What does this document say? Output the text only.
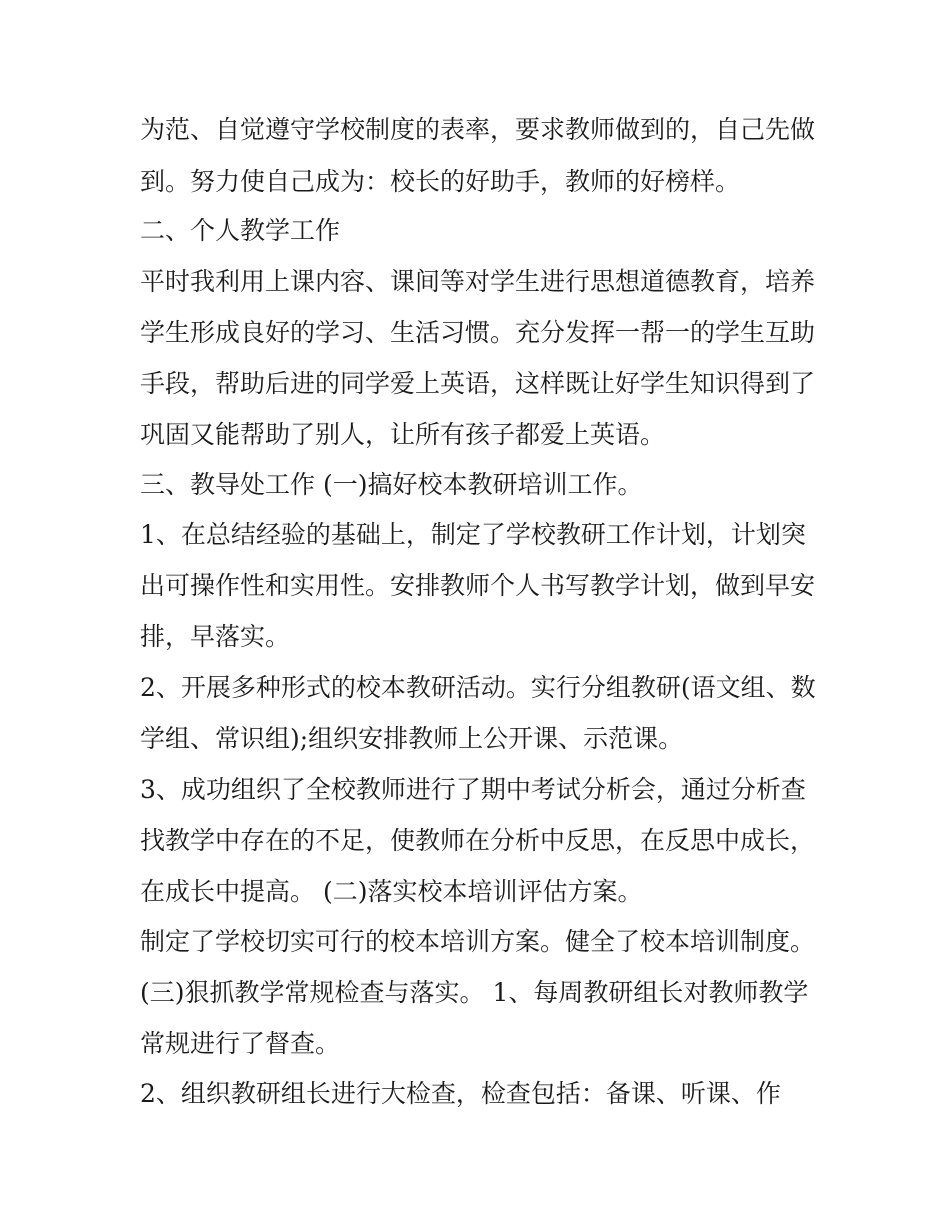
为范、自觉遵守学校制度的表率，要求教师做到的，自己先做
到。努力使自己成为：校长的好助手，教师的好榜样。
二、个人教学工作
平时我利用上课内容、课间等对学生进行思想道德教育，培养
学生形成良好的学习、生活习惯。充分发挥一帮一的学生互助
手段，帮助后进的同学爱上英语，这样既让好学生知识得到了
巩固又能帮助了别人，让所有孩子都爱上英语。
三、教导处工作 (一)搞好校本教研培训工作。
1、在总结经验的基础上，制定了学校教研工作计划，计划突
出可操作性和实用性。安排教师个人书写教学计划，做到早安
排，早落实。
2、开展多种形式的校本教研活动。实行分组教研(语文组、数
学组、常识组);组织安排教师上公开课、示范课。
3、成功组织了全校教师进行了期中考试分析会，通过分析查
找教学中存在的不足，使教师在分析中反思，在反思中成长，
在成长中提高。 (二)落实校本培训评估方案。
制定了学校切实可行的校本培训方案。健全了校本培训制度。
(三)狠抓教学常规检查与落实。 1、每周教研组长对教师教学
常规进行了督查。
2、组织教研组长进行大检查，检查包括：备课、听课、作
